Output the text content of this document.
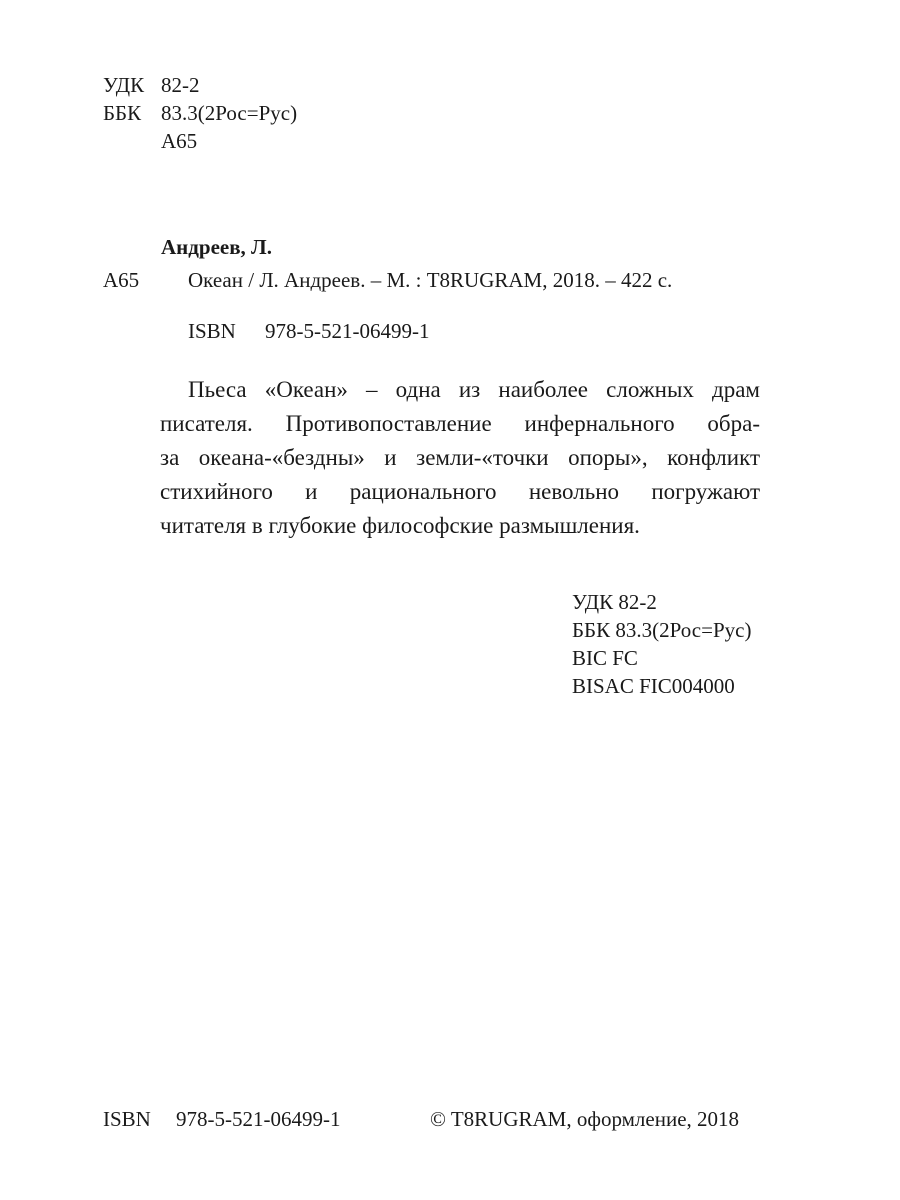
УДК 82-2
ББК 83.3(2Рос=Рус)
А65
Андреев, Л.
А65 Океан / Л. Андреев. – М. : T8RUGRAM, 2018. – 422 с.
ISBN 978-5-521-06499-1
Пьеса «Океан» – одна из наиболее сложных драм
писателя. Противопоставление инфернального обра-
за океана-«бездны» и земли-«точки опоры», конфликт
стихийного и рационального невольно погружают
читателя в глубокие философские размышления.
УДК 82-2
ББК 83.3(2Рос=Рус)
BIC FC
BISAC FIC004000
ISBN 978-5-521-06499-1	© T8RUGRAM, оформление, 2018
